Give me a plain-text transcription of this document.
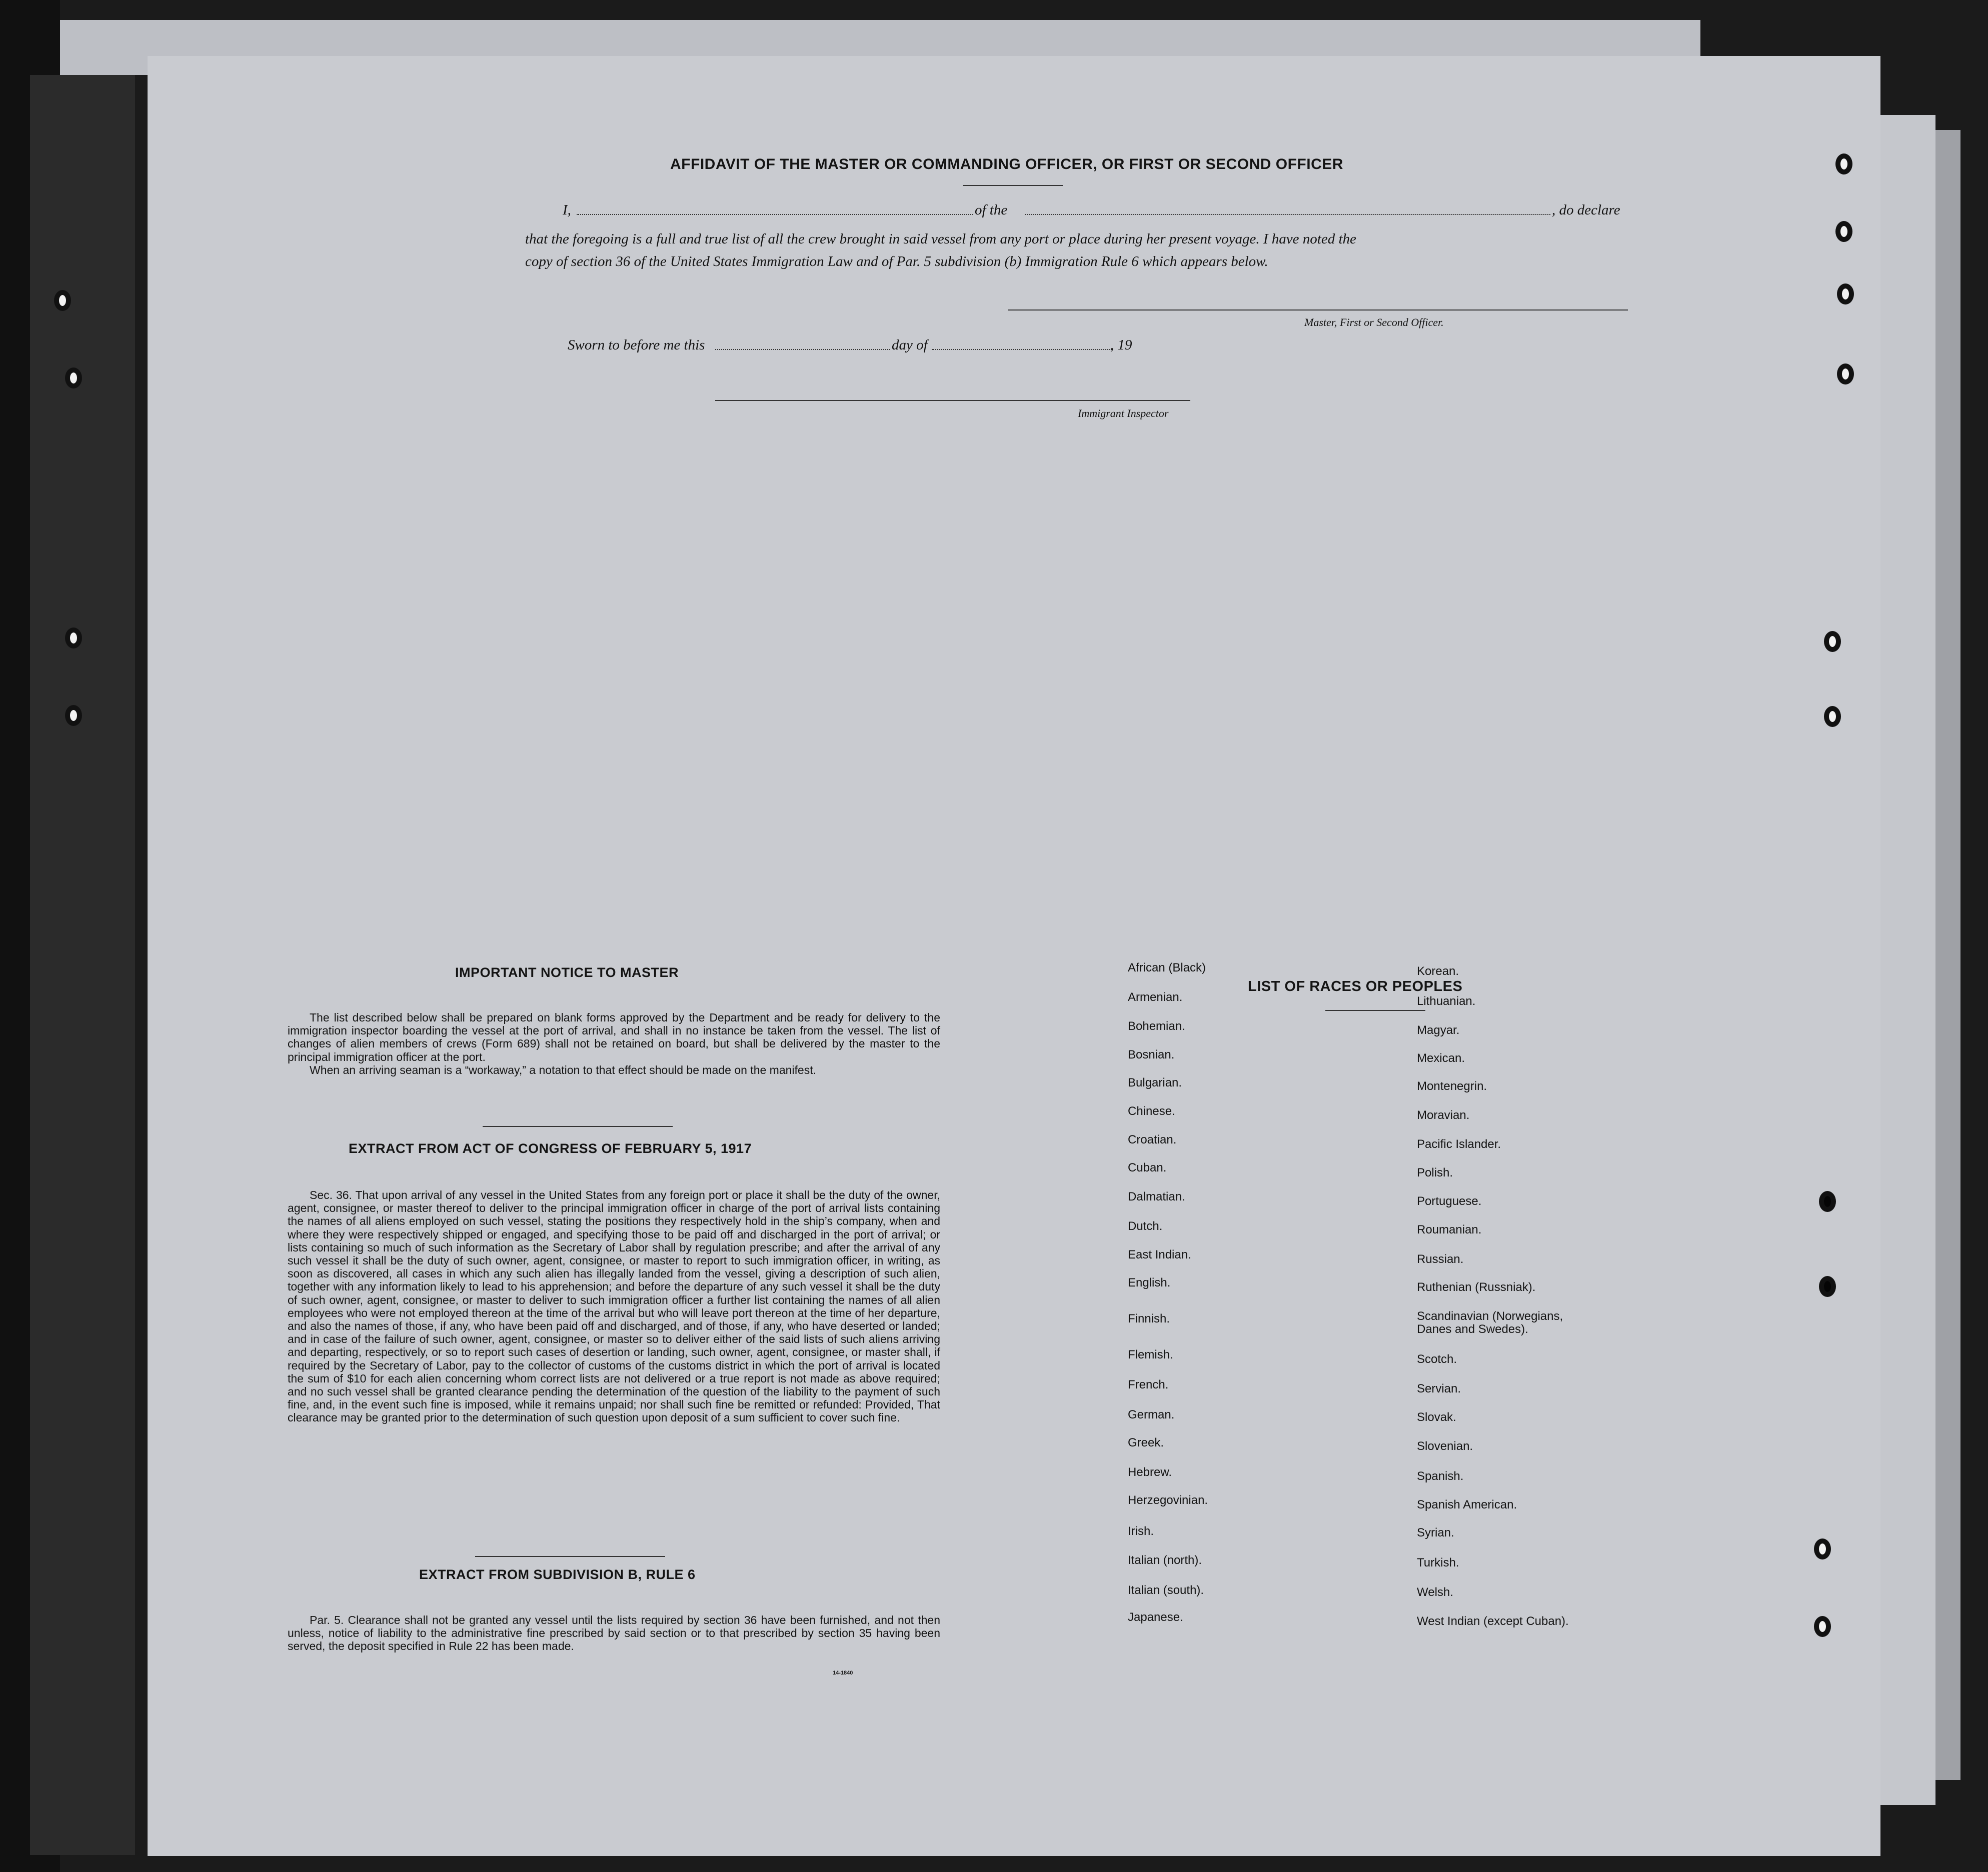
AFFIDAVIT OF THE MASTER OR COMMANDING OFFICER, OR FIRST OR SECOND OFFICER
I,	of the	, do declare
that the foregoing is a full and true list of all the crew brought in said vessel from any port or place during her present voyage. I have noted the
copy of section 36 of the United States Immigration Law and of Par. 5 subdivision (b) Immigration Rule 6 which appears below.
Master, First or Second Officer.
Sworn to before me this	day of	, 19
Immigrant Inspector
IMPORTANT NOTICE TO MASTER

The list described below shall be prepared on blank forms approved by the Department and be ready for delivery to the immigration inspector boarding the vessel at the port of arrival, and shall in no instance be taken from the vessel. The list of changes of alien members of crews (Form 689) shall not be retained on board, but shall be delivered by the master to the principal immigration officer at the port.

When an arriving seaman is a “workaway,” a notation to that effect should be made on the manifest.

EXTRACT FROM ACT OF CONGRESS OF FEBRUARY 5, 1917

Sec. 36. That upon arrival of any vessel in the United States from any foreign port or place it shall be the duty of the owner, agent, consignee, or master thereof to deliver to the principal immigration officer in charge of the port of arrival lists containing the names of all aliens employed on such vessel, stating the positions they respectively hold in the ship’s company, when and where they were respectively shipped or engaged, and specifying those to be paid off and discharged in the port of arrival; or lists containing so much of such information as the Secretary of Labor shall by regulation prescribe; and after the arrival of any such vessel it shall be the duty of such owner, agent, consignee, or master to report to such immigration officer, in writing, as soon as discovered, all cases in which any such alien has illegally landed from the vessel, giving a description of such alien, together with any information likely to lead to his apprehension; and before the departure of any such vessel it shall be the duty of such owner, agent, consignee, or master to deliver to such immigration officer a further list containing the names of all alien employees who were not employed thereon at the time of the arrival but who will leave port thereon at the time of her departure, and also the names of those, if any, who have been paid off and discharged, and of those, if any, who have deserted or landed; and in case of the failure of such owner, agent, consignee, or master so to deliver either of the said lists of such aliens arriving and departing, respectively, or so to report such cases of desertion or landing, such owner, agent, consignee, or master shall, if required by the Secretary of Labor, pay to the collector of customs of the customs district in which the port of arrival is located the sum of $10 for each alien concerning whom correct lists are not delivered or a true report is not made as above required; and no such vessel shall be granted clearance pending the determination of the question of the liability to the payment of such fine, and, in the event such fine is imposed, while it remains unpaid; nor shall such fine be remitted or refunded: Provided, That clearance may be granted prior to the determination of such question upon deposit of a sum sufficient to cover such fine.

EXTRACT FROM SUBDIVISION B, RULE 6

Par. 5. Clearance shall not be granted any vessel until the lists required by section 36 have been furnished, and not then unless, notice of liability to the administrative fine prescribed by said section or to that prescribed by section 35 having been served, the deposit specified in Rule 22 has been made.

14-1840
LIST OF RACES OR PEOPLES
African (Black)
Armenian.
Bohemian.
Bosnian.
Bulgarian.
Chinese.
Croatian.
Cuban.
Dalmatian.
Dutch.
East Indian.
English.
Finnish.
Flemish.
French.
German.
Greek.
Hebrew.
Herzegovinian.
Irish.
Italian (north).
Italian (south).
Japanese.
Korean.
Lithuanian.
Magyar.
Mexican.
Montenegrin.
Moravian.
Pacific Islander.
Polish.
Portuguese.
Roumanian.
Russian.
Ruthenian (Russniak).
Scandinavian (Norwegians,
Danes and Swedes).
Scotch.
Servian.
Slovak.
Slovenian.
Spanish.
Spanish American.
Syrian.
Turkish.
Welsh.
West Indian (except Cuban).
